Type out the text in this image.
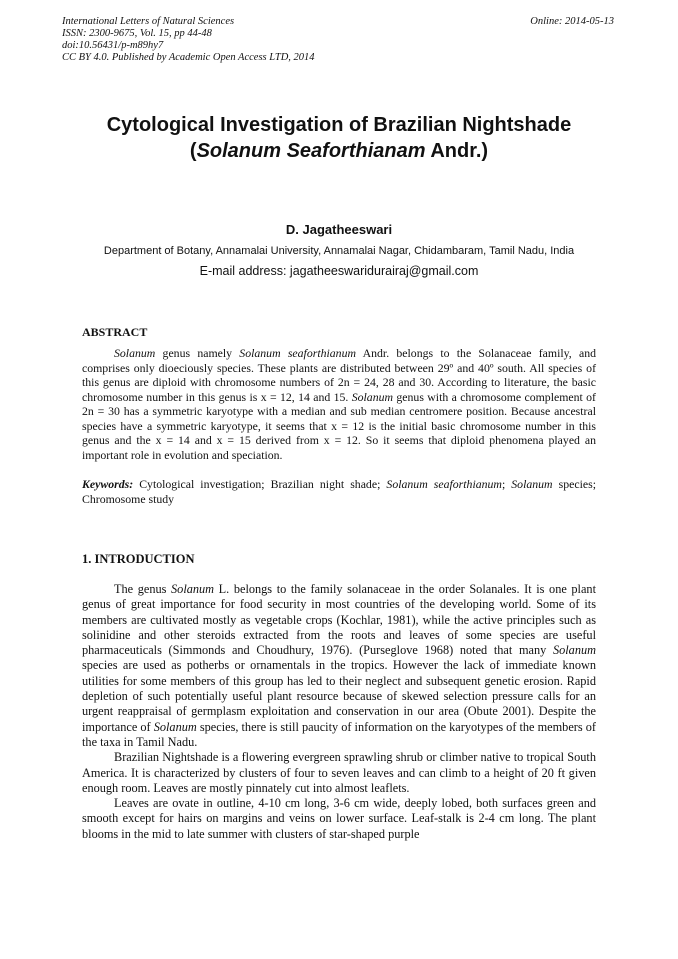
International Letters of Natural Sciences
ISSN: 2300-9675, Vol. 15, pp 44-48
doi:10.56431/p-m89hy7
CC BY 4.0. Published by Academic Open Access LTD, 2014
Online: 2014-05-13
Cytological Investigation of Brazilian Nightshade
(Solanum Seaforthianam Andr.)
D. Jagatheeswari
Department of Botany, Annamalai University, Annamalai Nagar, Chidambaram, Tamil Nadu, India
E-mail address: jagatheeswaridurairaj@gmail.com
ABSTRACT

Solanum genus namely Solanum seaforthianum Andr. belongs to the Solanaceae family, and comprises only dioeciously species. These plants are distributed between 29º and 40º south. All species of this genus are diploid with chromosome numbers of 2n = 24, 28 and 30. According to literature, the basic chromosome number in this genus is x = 12, 14 and 15. Solanum genus with a chromosome complement of 2n = 30 has a symmetric karyotype with a median and sub median centromere position. Because ancestral species have a symmetric karyotype, it seems that x = 12 is the initial basic chromosome number in this genus and the x = 14 and x = 15 derived from x = 12. So it seems that diploid phenomena played an important role in evolution and speciation.

Keywords: Cytological investigation; Brazilian night shade; Solanum seaforthianum; Solanum species; Chromosome study
1. INTRODUCTION

The genus Solanum L. belongs to the family solanaceae in the order Solanales. It is one plant genus of great importance for food security in most countries of the developing world. Some of its members are cultivated mostly as vegetable crops (Kochlar, 1981), while the active principles such as solinidine and other steroids extracted from the roots and leaves of some species are useful pharmaceuticals (Simmonds and Choudhury, 1976). (Purseglove 1968) noted that many Solanum species are used as potherbs or ornamentals in the tropics. However the lack of immediate known utilities for some members of this group has led to their neglect and subsequent genetic erosion. Rapid depletion of such potentially useful plant resource because of skewed selection pressure calls for an urgent reappraisal of germplasm exploitation and conservation in our area (Obute 2001). Despite the importance of Solanum species, there is still paucity of information on the karyotypes of the members of the taxa in Tamil Nadu.

Brazilian Nightshade is a flowering evergreen sprawling shrub or climber native to tropical South America. It is characterized by clusters of four to seven leaves and can climb to a height of 20 ft given enough room. Leaves are mostly pinnately cut into almost leaflets.

Leaves are ovate in outline, 4-10 cm long, 3-6 cm wide, deeply lobed, both surfaces green and smooth except for hairs on margins and veins on lower surface. Leaf-stalk is 2-4 cm long. The plant blooms in the mid to late summer with clusters of star-shaped purple
